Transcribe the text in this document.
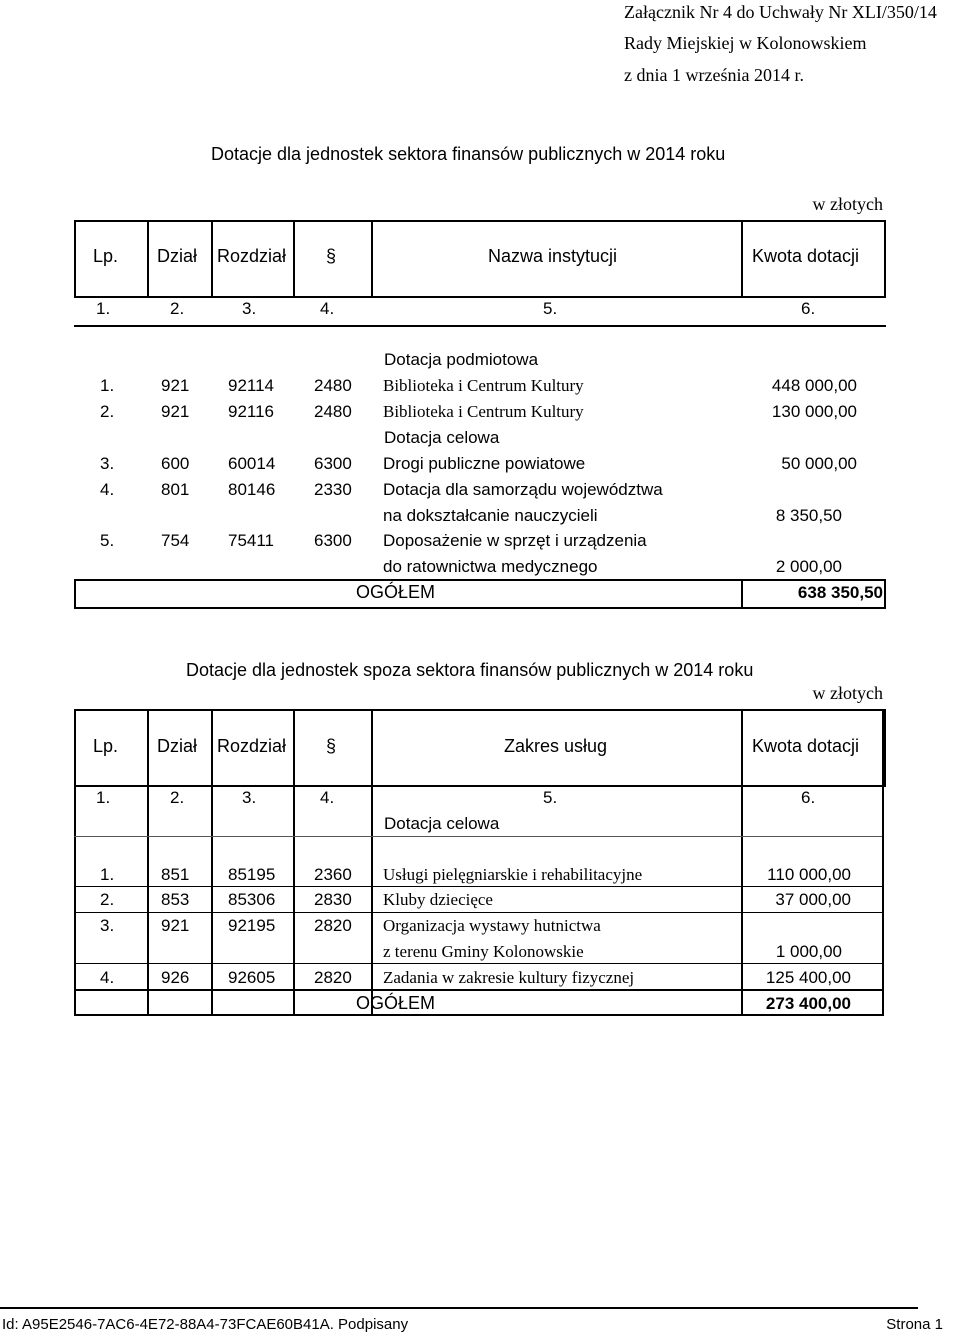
Załącznik Nr 4 do Uchwały Nr XLI/350/14
Rady Miejskiej w Kolonowskiem
z dnia 1 września 2014 r.
Dotacje dla jednostek sektora finansów publicznych w 2014 roku
w złotych
Lp. Dział Rozdział §	Nazwa instytucji	Kwota dotacji
1.	2.	3.	4.	5.	6.
Dotacja podmiotowa
1.	921 92114 2480 Biblioteka i Centrum Kultury	448 000,00
2.	921 92116 2480 Biblioteka i Centrum Kultury	130 000,00
Dotacja celowa
3.	600 60014 6300 Drogi publiczne powiatowe	50 000,00
4.	801 80146 2330 Dotacja dla samorządu województwa
na dokształcanie nauczycieli	8 350,50
5.	754 75411 6300 Doposażenie w sprzęt i urządzenia
do ratownictwa medycznego	2 000,00
OGÓŁEM	638 350,50
Dotacje dla jednostek spoza sektora finansów publicznych w 2014 roku
w złotych
Lp. Dział Rozdział §	Zakres usług	Kwota dotacji
1.	2.	3.	4.	5.	6.
Dotacja celowa
1.	851 85195 2360 Usługi pielęgniarskie i rehabilitacyjne	110 000,00
2.	853 85306 2830 Kluby dziecięce	37 000,00
3.	921 92195 2820 Organizacja wystawy hutnictwa
z terenu Gminy Kolonowskie	1 000,00
4.	926 92605 2820 Zadania w zakresie kultury fizycznej	125 400,00
OGÓŁEM	273 400,00
Id: A95E2546-7AC6-4E72-88A4-73FCAE60B41A. Podpisany	Strona 1
